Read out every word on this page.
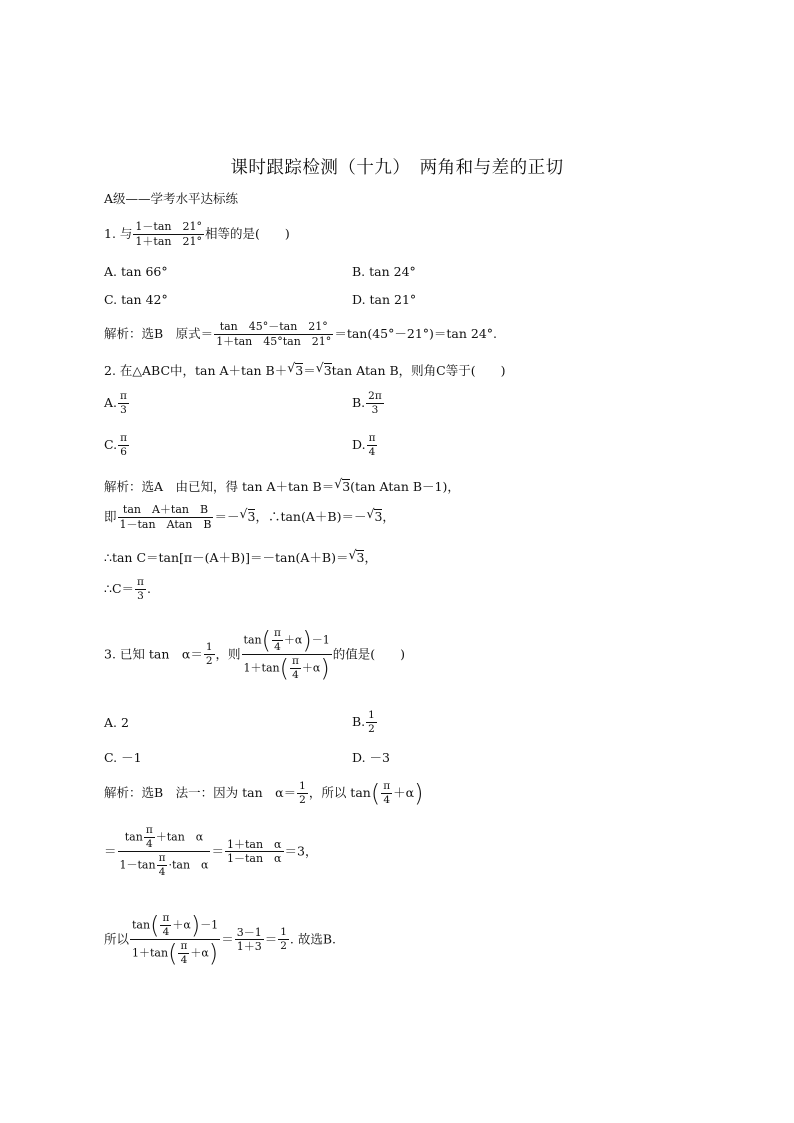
课时跟踪检测（十九）　两角和与差的正切
A级——学考水平达标练
1. 与 $\frac{1-\tan 21^\circ}{1+\tan 21^\circ}$ 相等的是(　　)
A. tan 66°	B. tan 24°
C. tan 42°	D. tan 21°
解析：选B　原式＝ $\frac{\tan 45^\circ-\tan 21^\circ}{1+\tan 45^\circ\tan 21^\circ} =\tan(45^\circ-21^\circ)=\tan$ 24°.
2. 在△ABC中，tan A＋tan B＋ √ 3＝ √ 3tan Atan B，则角C等于(　　)
A. $\frac{\pi}{3}$	B. $\frac{2\pi}{3}$
C. $\frac{\pi}{6}$	D. $\frac{\pi}{4}$
解析：选A　由已知，得 tan A＋tan B＝ √ 3(tan Atan B－1)，
即 $\frac{\text{tan　A＋tan　B}}{\text{1－tan　Atan　B}}$ ＝－ √ 3，∴tan(A＋B)＝－ √ 3，
∴tan C＝tan[π－(A＋B)]＝－tan(A＋B)＝ √ 3，
∴C＝ $\frac{\pi}{3}$ .
3. 已知 tan　$\alpha= \frac{1}{2}$ ，则 $\frac{\tan( \frac{\pi}{4} +\alpha)-1}{1+\tan( \frac{\pi}{4} +\alpha)}$ 的值是(　　)
A. 2	B. $\frac{1}{2}$
C. －1	D. －3
解析：选B　法一：因为 tan　$\alpha= \frac{1}{2}$ ，所以 $\tan( \frac{\pi}{4} +\alpha)$
＝ $\frac{\tan \frac{\pi}{4} +\tan \alpha}{1-\tan \frac{\pi}{4} \cdot\tan \alpha} = \frac{\text{1＋tan　α}}{\text{1－tan　α}} =3$，
所以 $\frac{\tan( \frac{\pi}{4} +\alpha)-1}{1+\tan( \frac{\pi}{4} +\alpha)} = \frac{3-1}{1+3} = \frac{1}{2}$ . 故选B.
